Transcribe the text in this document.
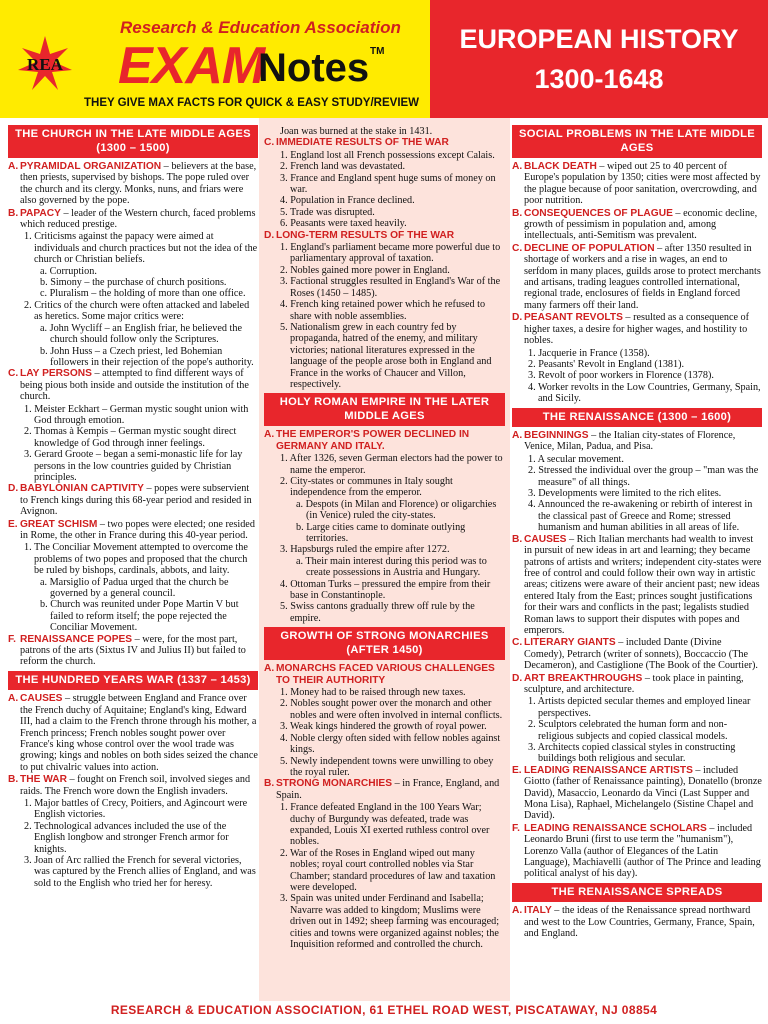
Research & Education Association
REA EXAM
Notes TM
THEY GIVE MAX FACTS FOR QUICK & EASY STUDY/REVIEW
EUROPEAN HISTORY
1300-1648
THE CHURCH IN THE LATE MIDDLE AGES (1300 – 1500)

A. PYRAMIDAL ORGANIZATION – believers at the base, then priests, supervised by bishops. The pope ruled over the church and its clergy. Monks, nuns, and friars were also governed by the pope.

B. PAPACY – leader of the Western church, faced problems which reduced prestige.

1. Criticisms against the papacy were aimed at individuals and church practices but not the idea of the church or Christian beliefs.

a. Corruption.

b. Simony – the purchase of church positions.

c. Pluralism – the holding of more than one office.

2. Critics of the church were often attacked and labeled as heretics. Some major critics were:

a. John Wycliff – an English friar, he believed the church should follow only the Scriptures.

b. John Huss – a Czech priest, led Bohemian followers in their rejection of the pope's authority.

C. LAY PERSONS – attempted to find different ways of being pious both inside and outside the institution of the church.

1. Meister Eckhart – German mystic sought union with God through emotion.

2. Thomas à Kempis – German mystic sought direct knowledge of God through inner feelings.

3. Gerard Groote – began a semi-monastic life for lay persons in the low countries guided by Christian principles.

D. BABYLONIAN CAPTIVITY – popes were subservient to French kings during this 68-year period and resided in Avignon.

E. GREAT SCHISM – two popes were elected; one resided in Rome, the other in France during this 40-year period.

1. The Conciliar Movement attempted to overcome the problems of two popes and proposed that the church be ruled by bishops, cardinals, abbots, and laity.

a. Marsiglio of Padua urged that the church be governed by a general council.

b. Church was reunited under Pope Martin V but failed to reform itself; the pope rejected the Conciliar Movement.

F. RENAISSANCE POPES – were, for the most part, patrons of the arts (Sixtus IV and Julius II) but failed to reform the church.

THE HUNDRED YEARS WAR (1337 – 1453)

A. CAUSES – struggle between England and France over the French duchy of Aquitaine; England's king, Edward III, had a claim to the French throne through his mother, a French princess; French nobles sought power over France's king whose control over the wool trade was growing; kings and nobles on both sides seized the chance to put chivalric values into action.

B. THE WAR – fought on French soil, involved sieges and raids. The French wore down the English invaders.

1. Major battles of Crecy, Poitiers, and Agincourt were English victories.

2. Technological advances included the use of the English longbow and stronger French armor for knights.

3. Joan of Arc rallied the French for several victories, was captured by the French allies of England, and was sold to the English who tried her for heresy.

Joan was burned at the stake in 1431.

C. IMMEDIATE RESULTS OF THE WAR

1. England lost all French possessions except Calais.

2. French land was devastated.

3. France and England spent huge sums of money on war.

4. Population in France declined.

5. Trade was disrupted.

6. Peasants were taxed heavily.

D. LONG-TERM RESULTS OF THE WAR

1. England's parliament became more powerful due to parliamentary approval of taxation.

2. Nobles gained more power in England.

3. Factional struggles resulted in England's War of the Roses (1450 – 1485).

4. French king retained power which he refused to share with noble assemblies.

5. Nationalism grew in each country fed by propaganda, hatred of the enemy, and military victories; national literatures expressed in the language of the people arose both in England and France in the works of Chaucer and Villon, respectively.

HOLY ROMAN EMPIRE IN THE LATER MIDDLE AGES

A. THE EMPEROR'S POWER DECLINED IN GERMANY AND ITALY.

1. After 1326, seven German electors had the power to name the emperor.

2. City-states or communes in Italy sought independence from the emperor.

a. Despots (in Milan and Florence) or oligarchies (in Venice) ruled the city-states.

b. Large cities came to dominate outlying territories.

3. Hapsburgs ruled the empire after 1272.

a. Their main interest during this period was to create possessions in Austria and Hungary.

4. Ottoman Turks – pressured the empire from their base in Constantinople.

5. Swiss cantons gradually threw off rule by the empire.

GROWTH OF STRONG MONARCHIES (AFTER 1450)

A. MONARCHS FACED VARIOUS CHALLENGES TO THEIR AUTHORITY

1. Money had to be raised through new taxes.

2. Nobles sought power over the monarch and other nobles and were often involved in internal conflicts.

3. Weak kings hindered the growth of royal power.

4. Noble clergy often sided with fellow nobles against kings.

5. Newly independent towns were unwilling to obey the royal ruler.

B. STRONG MONARCHIES – in France, England, and Spain.

1. France defeated England in the 100 Years War; duchy of Burgundy was defeated, trade was expanded, Louis XI exerted ruthless control over nobles.

2. War of the Roses in England wiped out many nobles; royal court controlled nobles via Star Chamber; standard procedures of law and taxation were developed.

3. Spain was united under Ferdinand and Isabella; Navarre was added to kingdom; Muslims were driven out in 1492; sheep farming was encouraged; cities and towns were organized against nobles; the Inquisition reformed and controlled the church.

SOCIAL PROBLEMS IN THE LATE MIDDLE AGES

A. BLACK DEATH – wiped out 25 to 40 percent of Europe's population by 1350; cities were most affected by the plague because of poor sanitation, overcrowding, and poor nutrition.

B. CONSEQUENCES OF PLAGUE – economic decline, growth of pessimism in population and, among intellectuals, anti-Semitism was prevalent.

C. DECLINE OF POPULATION – after 1350 resulted in shortage of workers and a rise in wages, an end to serfdom in many places, guilds arose to protect merchants and artisans, trading leagues controlled international, regional trade, enclosures of fields in England forced many farmers off their land.

D. PEASANT REVOLTS – resulted as a consequence of higher taxes, a desire for higher wages, and hostility to nobles.

1. Jacquerie in France (1358).

2. Peasants' Revolt in England (1381).

3. Revolt of poor workers in Florence (1378).

4. Worker revolts in the Low Countries, Germany, Spain, and Sicily.

THE RENAISSANCE (1300 – 1600)

A. BEGINNINGS – the Italian city-states of Florence, Venice, Milan, Padua, and Pisa.

1. A secular movement.

2. Stressed the individual over the group – "man was the measure" of all things.

3. Developments were limited to the rich elites.

4. Announced the re-awakening or rebirth of interest in the classical past of Greece and Rome; stressed humanism and human abilities in all areas of life.

B. CAUSES – Rich Italian merchants had wealth to invest in pursuit of new ideas in art and learning; they became patrons of artists and writers; independent city-states were free of control and could follow their own way in artistic areas; citizens were aware of their ancient past; new ideas entered Italy from the East; princes sought justifications for their wars and conflicts in the past; legalists studied Roman laws to support their disputes with popes and emperors.

C. LITERARY GIANTS – included Dante (Divine Comedy), Petrarch (writer of sonnets), Boccaccio (The Decameron), and Castiglione (The Book of the Courtier).

D. ART BREAKTHROUGHS – took place in painting, sculpture, and architecture.

1. Artists depicted secular themes and employed linear perspectives.

2. Sculptors celebrated the human form and non-religious subjects and copied classical models.

3. Architects copied classical styles in constructing buildings both religious and secular.

E. LEADING RENAISSANCE ARTISTS – included Giotto (father of Renaissance painting), Donatello (bronze David), Masaccio, Leonardo da Vinci (Last Supper and Mona Lisa), Raphael, Michelangelo (Sistine Chapel and David).

F. LEADING RENAISSANCE SCHOLARS – included Leonardo Bruni (first to use term the "humanism"), Lorenzo Valla (author of Elegances of the Latin Language), Machiavelli (author of The Prince and leading political analyst of his day).

THE RENAISSANCE SPREADS

A. ITALY – the ideas of the Renaissance spread northward and west to the Low Countries, Germany, France, Spain, and England.

RESEARCH & EDUCATION ASSOCIATION, 61 ETHEL ROAD WEST, PISCATAWAY, NJ 08854
